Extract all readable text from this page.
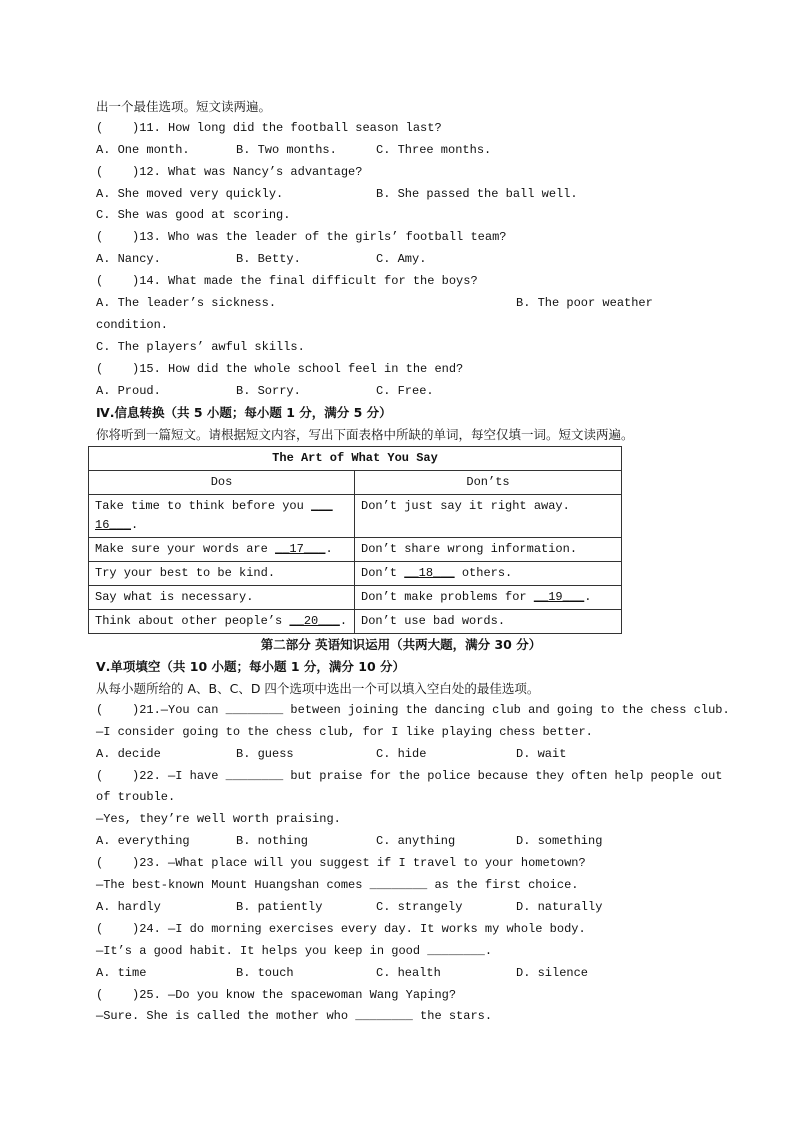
出一个最佳选项。短文读两遍。
(    )11. How long did the football season last?
A. One month.	B. Two months.	C. Three months.
(    )12. What was Nancy’s advantage?
A. She moved very quickly.	B. She passed the ball well.
C. She was good at scoring.
(    )13. Who was the leader of the girls’ football team?
A. Nancy.	B. Betty.	C. Amy.
(    )14. What made the final difficult for the boys?
A. The leader’s sickness.	B. The poor weather
condition.
C. The players’ awful skills.
(    )15. How did the whole school feel in the end?
A. Proud.	B. Sorry.	C. Free.
Ⅳ.信息转换（共 5 小题；每小题 1 分，满分 5 分）
你将听到一篇短文。请根据短文内容，写出下面表格中所缺的单词，每空仅填一词。短文读两遍。
The Art of What You Say	
Dos	Don’ts
Take time to think before you ___
16___.	Don’t just say it right away.
Make sure your words are __17___.	Don’t share wrong information.
Try your best to be kind.	Don’t __18___ others.
Say what is necessary.	Don’t make problems for __19___.
Think about other people’s __20___.	Don’t use bad words.
第二部分 英语知识运用（共两大题，满分 30 分）
Ⅴ.单项填空（共 10 小题；每小题 1 分，满分 10 分）
从每小题所给的 A、B、C、D 四个选项中选出一个可以填入空白处的最佳选项。
(    )21.—You can ________ between joining the dancing club and going to the chess club.
—I consider going to the chess club, for I like playing chess better.
A. decide	B. guess	C. hide	D. wait
(    )22. —I have ________ but praise for the police because they often help people out
of trouble.
—Yes, they’re well worth praising.
A. everything	B. nothing	C. anything	D. something
(    )23. —What place will you suggest if I travel to your hometown?
—The best-known Mount Huangshan comes ________ as the first choice.
A. hardly	B. patiently	C. strangely	D. naturally
(    )24. —I do morning exercises every day. It works my whole body.
—It’s a good habit. It helps you keep in good ________.
A. time	B. touch	C. health	D. silence
(    )25. —Do you know the spacewoman Wang Yaping?
—Sure. She is called the mother who ________ the stars.
